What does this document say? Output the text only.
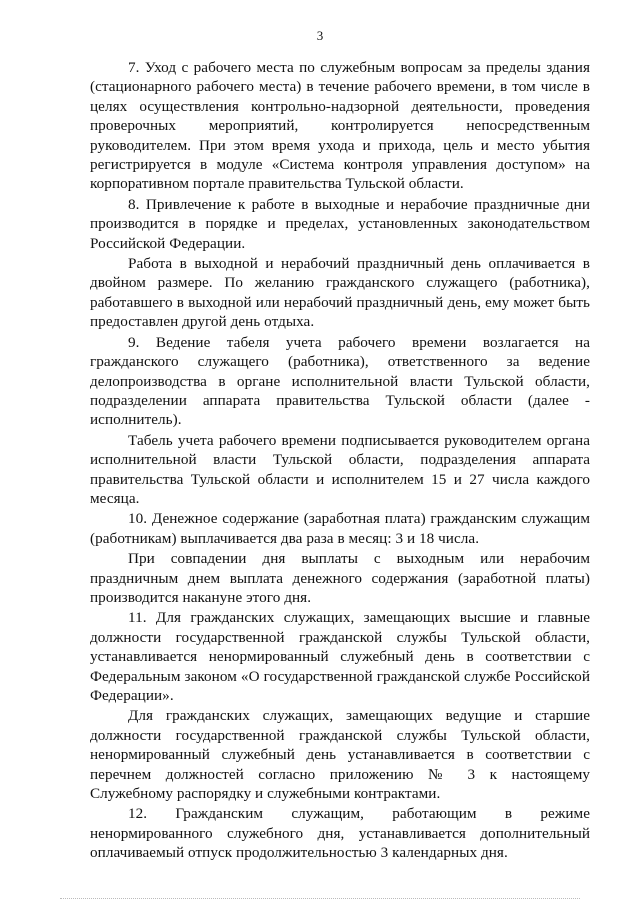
3

7. Уход с рабочего места по служебным вопросам за пределы здания (стационарного рабочего места) в течение рабочего времени, в том числе в целях осуществления контрольно-надзорной деятельности, проведения проверочных мероприятий, контролируется непосредственным руководителем. При этом время ухода и прихода, цель и место убытия регистрируется в модуле «Система контроля управления доступом» на корпоративном портале правительства Тульской области.

8. Привлечение к работе в выходные и нерабочие праздничные дни производится в порядке и пределах, установленных законодательством Российской Федерации.

Работа в выходной и нерабочий праздничный день оплачивается в двойном размере. По желанию гражданского служащего (работника), работавшего в выходной или нерабочий праздничный день, ему может быть предоставлен другой день отдыха.

9. Ведение табеля учета рабочего времени возлагается на гражданского служащего (работника), ответственного за ведение делопроизводства в органе исполнительной власти Тульской области, подразделении аппарата правительства Тульской области (далее - исполнитель).

Табель учета рабочего времени подписывается руководителем органа исполнительной власти Тульской области, подразделения аппарата правительства Тульской области и исполнителем 15 и 27 числа каждого месяца.

10. Денежное содержание (заработная плата) гражданским служащим (работникам) выплачивается два раза в месяц: 3 и 18 числа.

При совпадении дня выплаты с выходным или нерабочим праздничным днем выплата денежного содержания (заработной платы) производится накануне этого дня.

11. Для гражданских служащих, замещающих высшие и главные должности государственной гражданской службы Тульской области, устанавливается ненормированный служебный день в соответствии с Федеральным законом «О государственной гражданской службе Российской Федерации».

Для гражданских служащих, замещающих ведущие и старшие должности государственной гражданской службы Тульской области, ненормированный служебный день устанавливается в соответствии с перечнем должностей согласно приложению № 3 к настоящему Служебному распорядку и служебными контрактами.

12. Гражданским служащим, работающим в режиме ненормированного служебного дня, устанавливается дополнительный оплачиваемый отпуск продолжительностью 3 календарных дня.
